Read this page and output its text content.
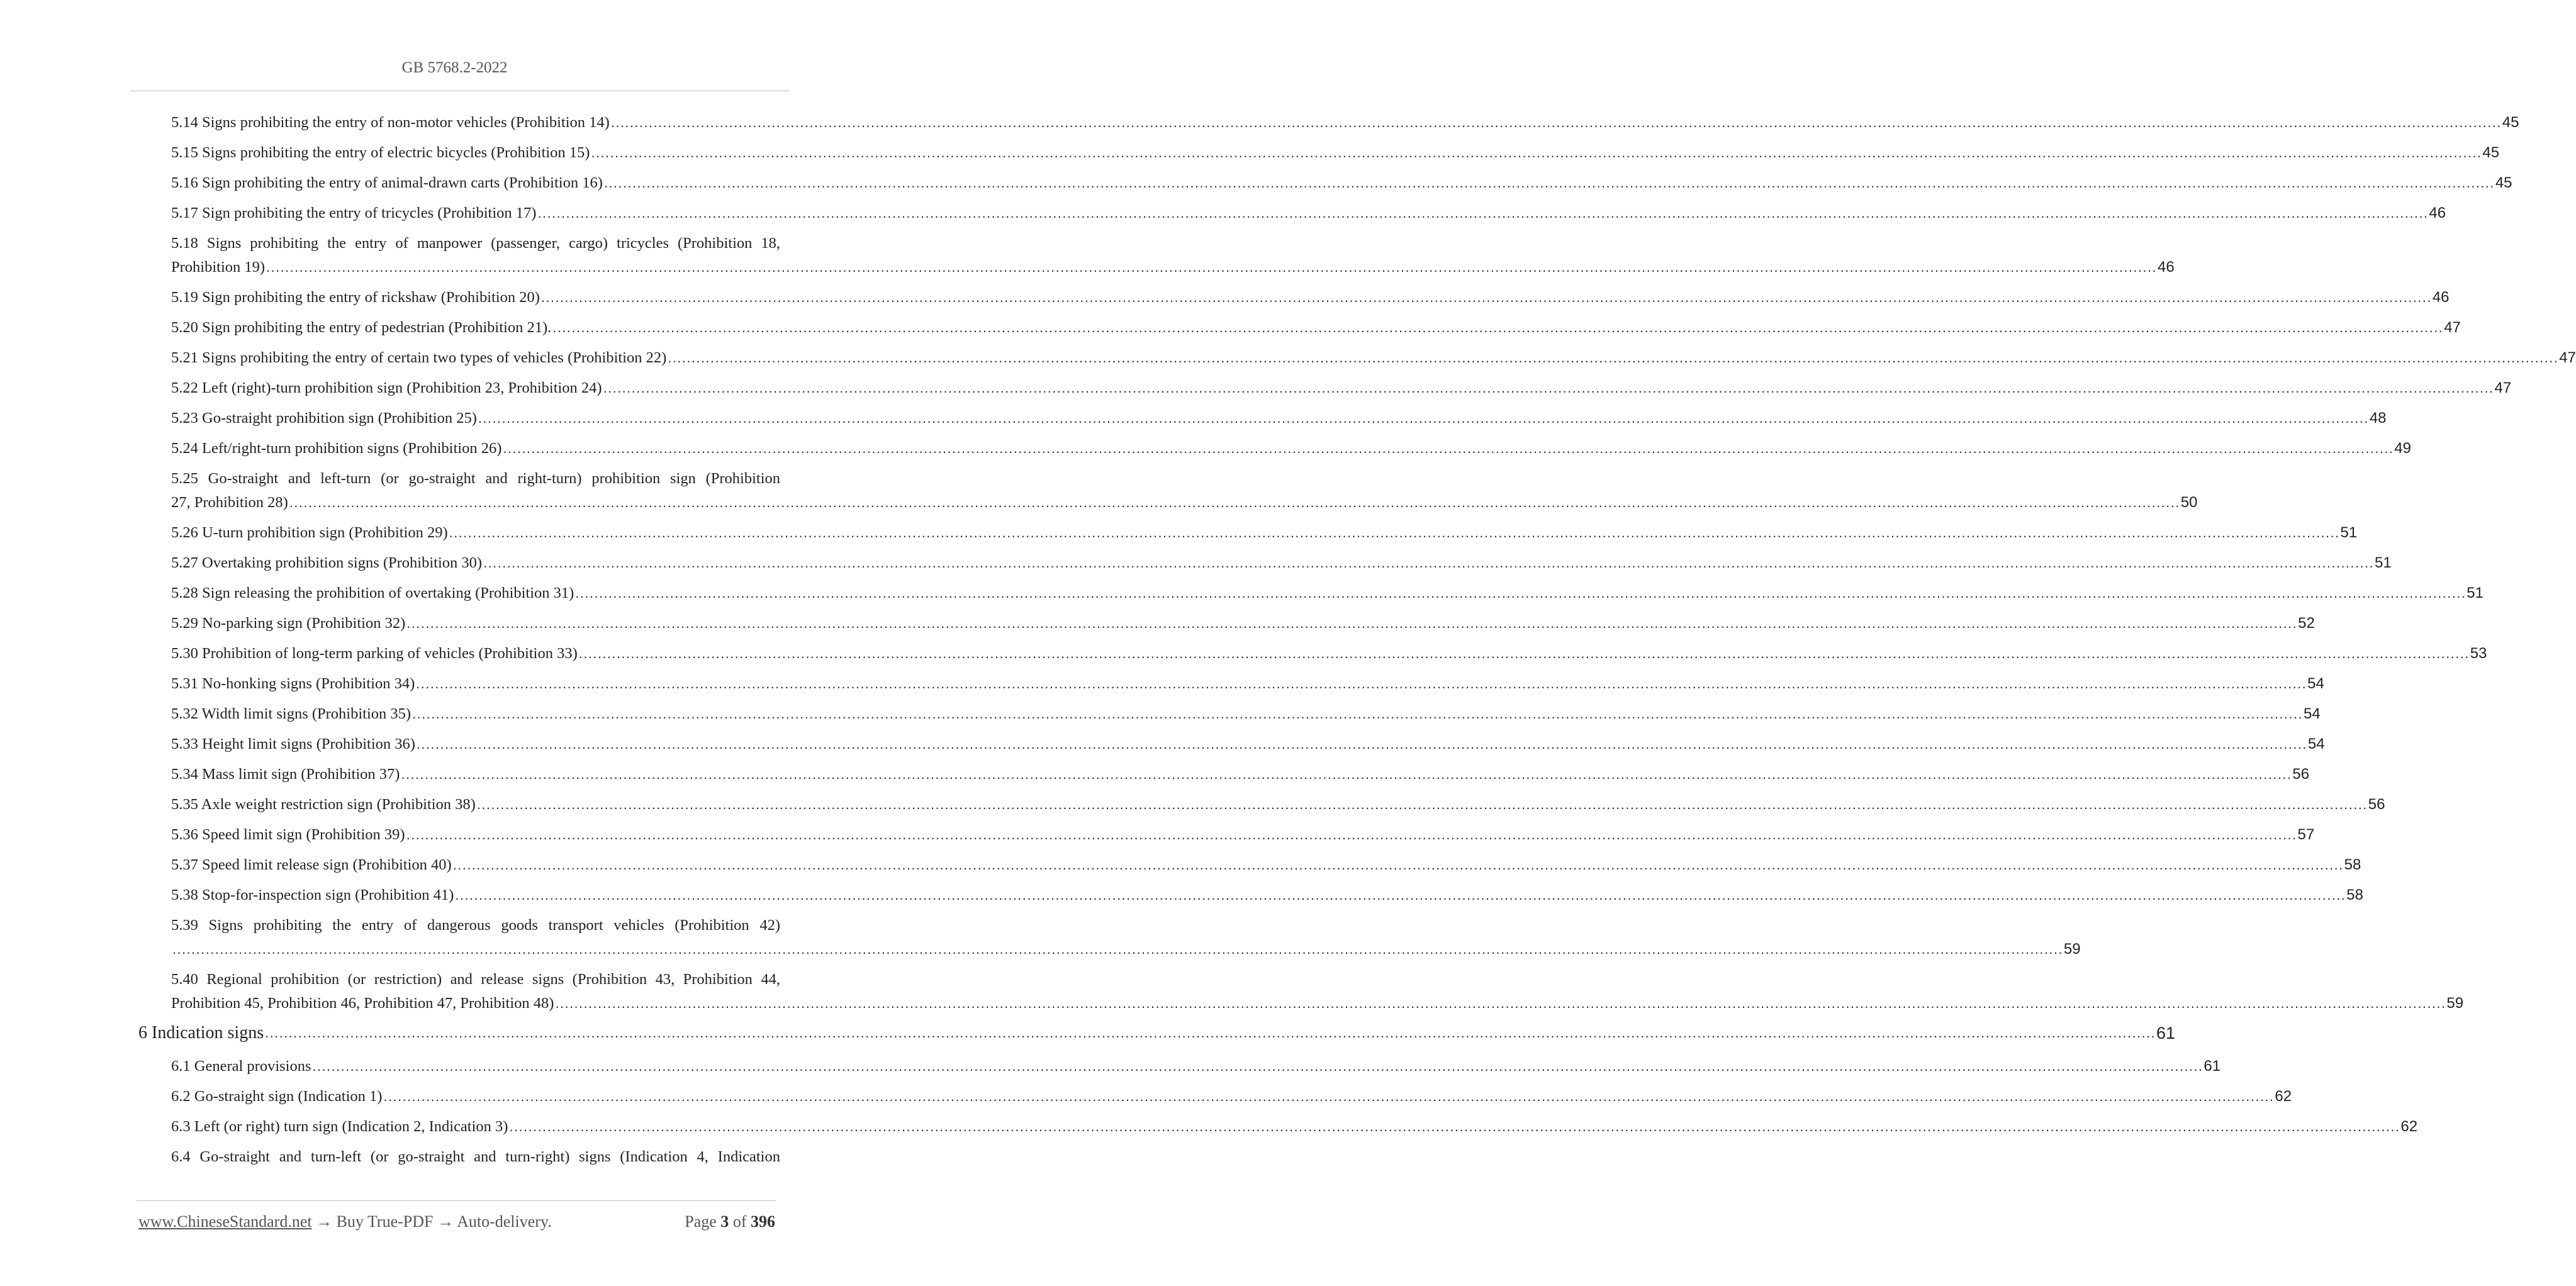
GB 5768.2-2022
5.14 Signs prohibiting the entry of non-motor vehicles (Prohibition 14) ................................................................................................................................................................................................................................................................................................................................................................................................................ 45
5.15 Signs prohibiting the entry of electric bicycles (Prohibition 15) ................................................................................................................................................................................................................................................................................................................................................................................................................ 45
5.16 Sign prohibiting the entry of animal-drawn carts (Prohibition 16) ................................................................................................................................................................................................................................................................................................................................................................................................................ 45
5.17 Sign prohibiting the entry of tricycles (Prohibition 17) ................................................................................................................................................................................................................................................................................................................................................................................................................ 46
5.18 Signs prohibiting the entry of manpower (passenger, cargo) tricycles (Prohibition 18,
Prohibition 19) ................................................................................................................................................................................................................................................................................................................................................................................................................ 46
5.19 Sign prohibiting the entry of rickshaw (Prohibition 20) ................................................................................................................................................................................................................................................................................................................................................................................................................ 46
5.20 Sign prohibiting the entry of pedestrian (Prohibition 21). ................................................................................................................................................................................................................................................................................................................................................................................................................ 47
5.21 Signs prohibiting the entry of certain two types of vehicles (Prohibition 22) ................................................................................................................................................................................................................................................................................................................................................................................................................ 47
5.22 Left (right)-turn prohibition sign (Prohibition 23, Prohibition 24) ................................................................................................................................................................................................................................................................................................................................................................................................................ 47
5.23 Go-straight prohibition sign (Prohibition 25) ................................................................................................................................................................................................................................................................................................................................................................................................................ 48
5.24 Left/right-turn prohibition signs (Prohibition 26) ................................................................................................................................................................................................................................................................................................................................................................................................................ 49
5.25 Go-straight and left-turn (or go-straight and right-turn) prohibition sign (Prohibition
27, Prohibition 28) ................................................................................................................................................................................................................................................................................................................................................................................................................ 50
5.26 U-turn prohibition sign (Prohibition 29) ................................................................................................................................................................................................................................................................................................................................................................................................................ 51
5.27 Overtaking prohibition signs (Prohibition 30) ................................................................................................................................................................................................................................................................................................................................................................................................................ 51
5.28 Sign releasing the prohibition of overtaking (Prohibition 31) ................................................................................................................................................................................................................................................................................................................................................................................................................ 51
5.29 No-parking sign (Prohibition 32) ................................................................................................................................................................................................................................................................................................................................................................................................................ 52
5.30 Prohibition of long-term parking of vehicles (Prohibition 33) ................................................................................................................................................................................................................................................................................................................................................................................................................ 53
5.31 No-honking signs (Prohibition 34) ................................................................................................................................................................................................................................................................................................................................................................................................................ 54
5.32 Width limit signs (Prohibition 35) ................................................................................................................................................................................................................................................................................................................................................................................................................ 54
5.33 Height limit signs (Prohibition 36) ................................................................................................................................................................................................................................................................................................................................................................................................................ 54
5.34 Mass limit sign (Prohibition 37) ................................................................................................................................................................................................................................................................................................................................................................................................................ 56
5.35 Axle weight restriction sign (Prohibition 38) ................................................................................................................................................................................................................................................................................................................................................................................................................ 56
5.36 Speed limit sign (Prohibition 39) ................................................................................................................................................................................................................................................................................................................................................................................................................ 57
5.37 Speed limit release sign (Prohibition 40) ................................................................................................................................................................................................................................................................................................................................................................................................................ 58
5.38 Stop-for-inspection sign (Prohibition 41) ................................................................................................................................................................................................................................................................................................................................................................................................................ 58
5.39 Signs prohibiting the entry of dangerous goods transport vehicles (Prohibition 42)
................................................................................................................................................................................................................................................................................................................................................................................................................ 59
5.40 Regional prohibition (or restriction) and release signs (Prohibition 43, Prohibition 44,
Prohibition 45, Prohibition 46, Prohibition 47, Prohibition 48) ................................................................................................................................................................................................................................................................................................................................................................................................................ 59
6 Indication signs ................................................................................................................................................................................................................................................................................................................................................................................................................ 61
6.1 General provisions ................................................................................................................................................................................................................................................................................................................................................................................................................ 61
6.2 Go-straight sign (Indication 1) ................................................................................................................................................................................................................................................................................................................................................................................................................ 62
6.3 Left (or right) turn sign (Indication 2, Indication 3) ................................................................................................................................................................................................................................................................................................................................................................................................................ 62
6.4 Go-straight and turn-left (or go-straight and turn-right) signs (Indication 4, Indication
www.ChineseStandard.net → Buy True-PDF → Auto-delivery.	Page 3 of 396
